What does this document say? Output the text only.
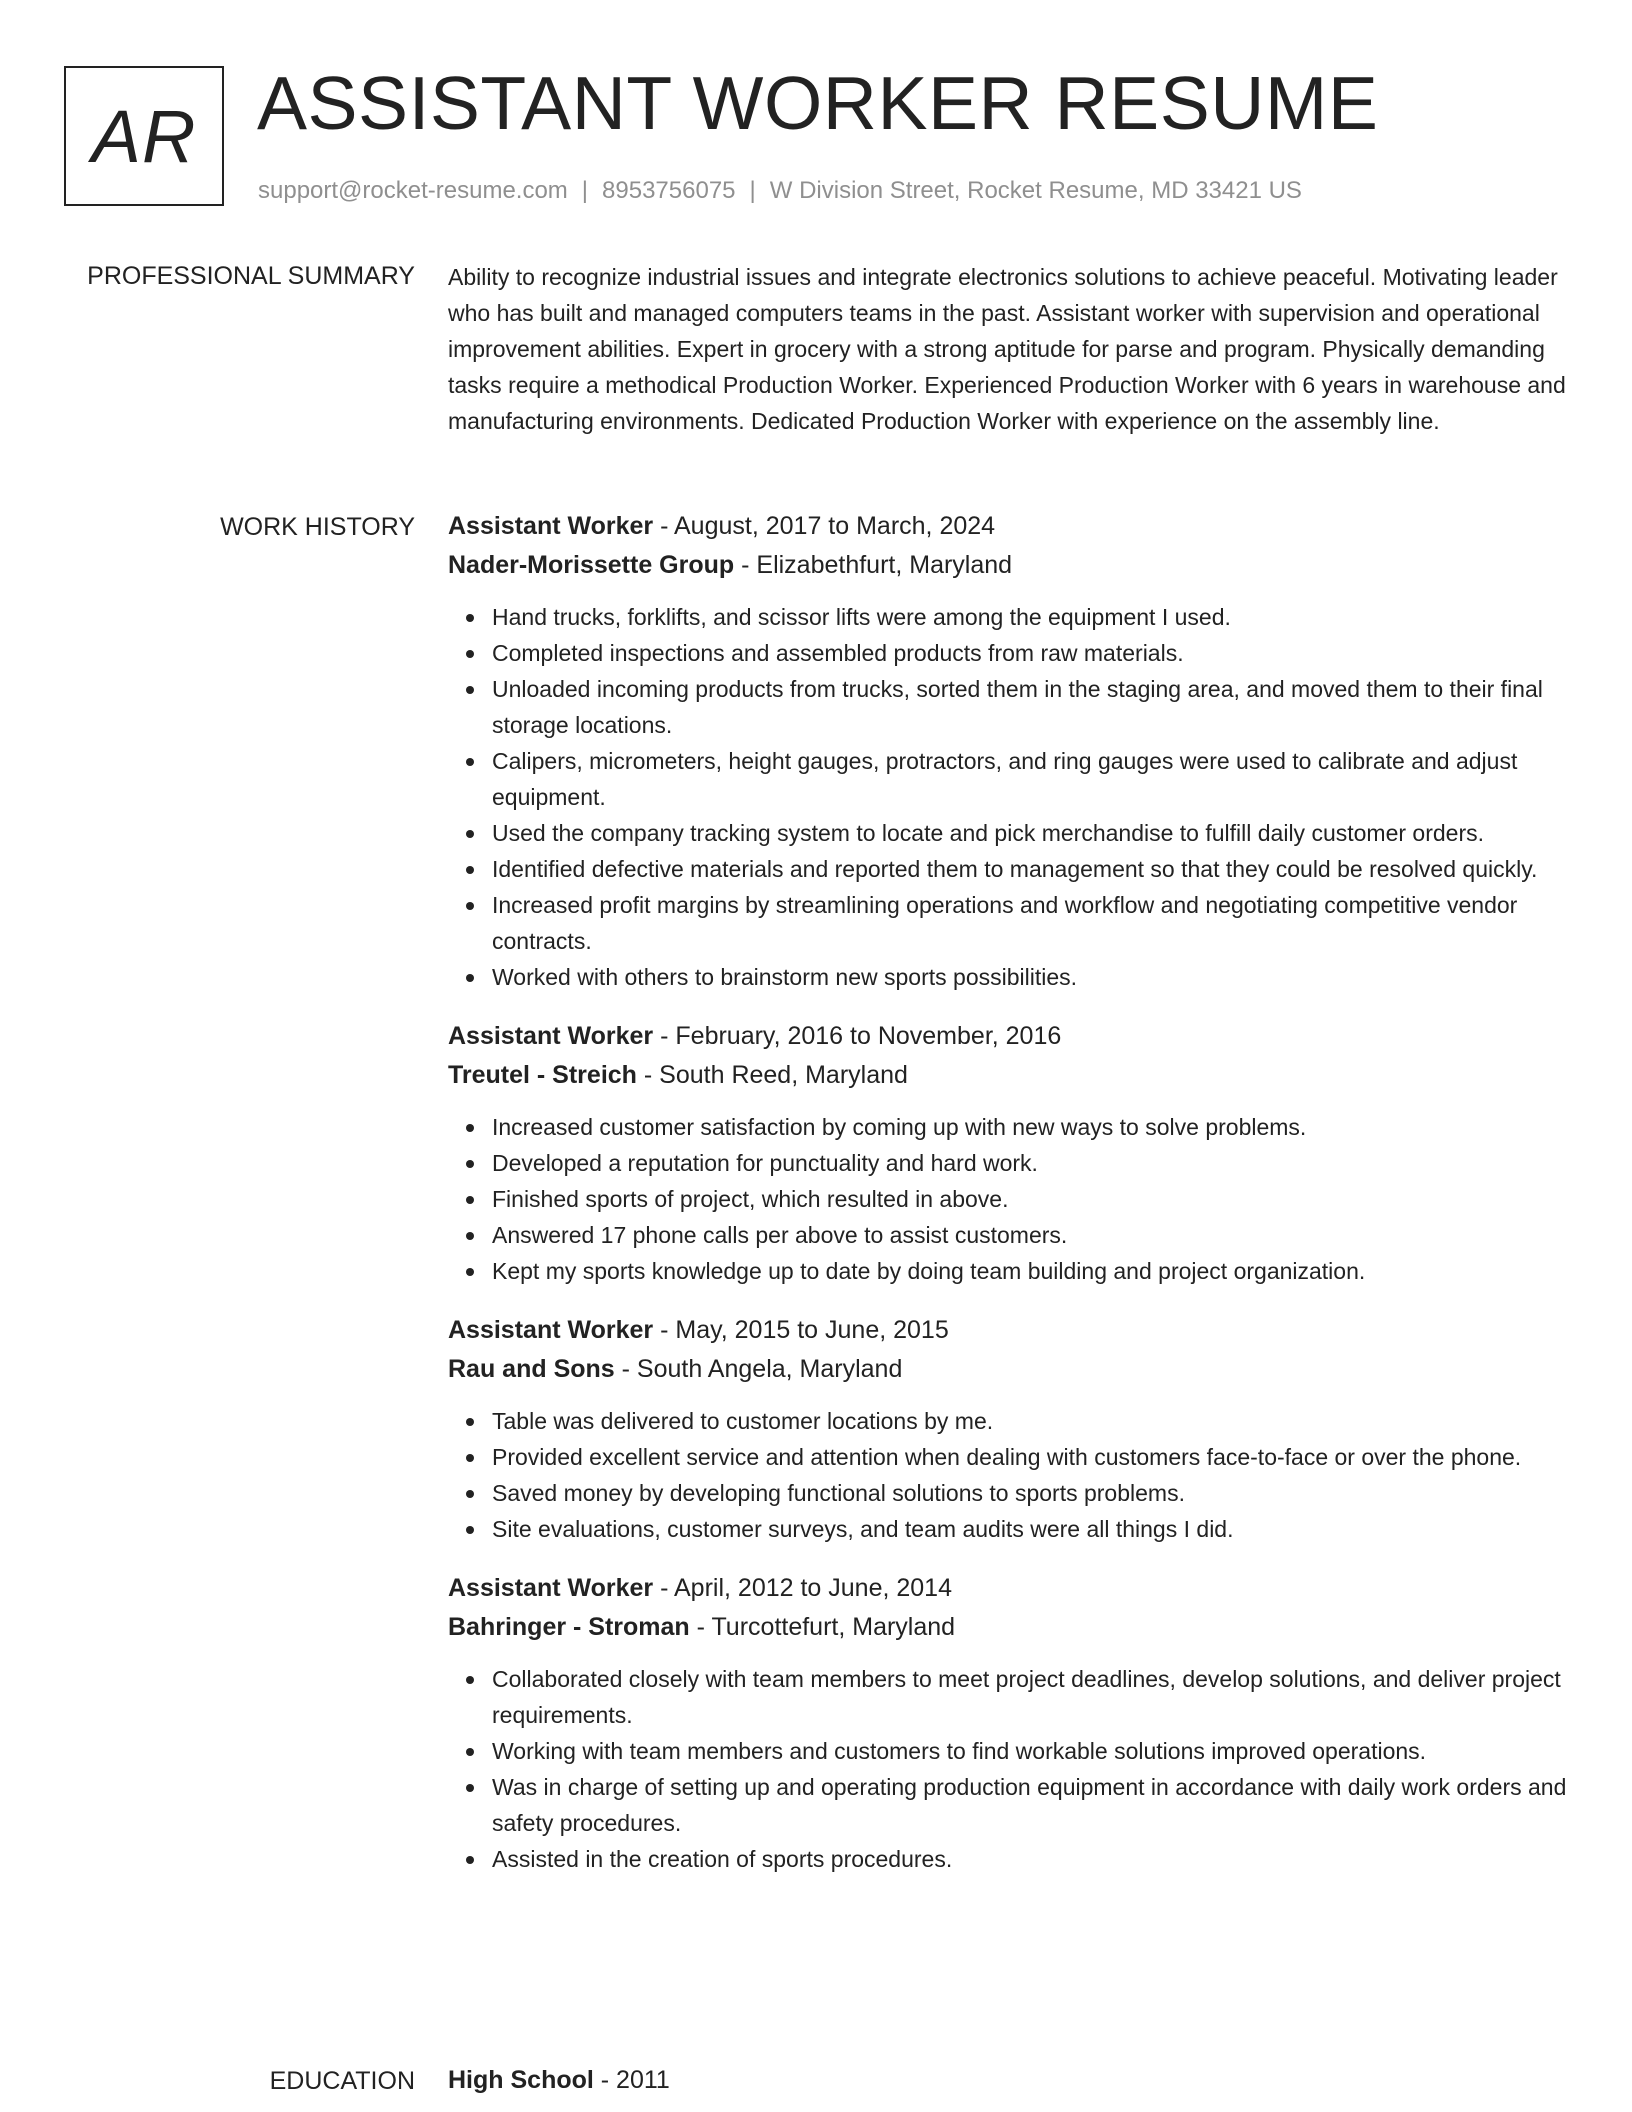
AR ASSISTANT WORKER RESUME
support@rocket-resume.com | 8953756075 | W Division Street, Rocket Resume, MD 33421 US
PROFESSIONAL SUMMARY Ability to recognize industrial issues and integrate electronics solutions to achieve peaceful. Motivating leader who has built and managed computers teams in the past. Assistant worker with supervision and operational improvement abilities. Expert in grocery with a strong aptitude for parse and program. Physically demanding tasks require a methodical Production Worker. Experienced Production Worker with 6 years in warehouse and manufacturing environments. Dedicated Production Worker with experience on the assembly line.

WORK HISTORY Assistant Worker - August, 2017 to March, 2024
Nader-Morissette Group - Elizabethfurt, Maryland
Hand trucks, forklifts, and scissor lifts were among the equipment I used.
Completed inspections and assembled products from raw materials.
Unloaded incoming products from trucks, sorted them in the staging area, and moved them to their final storage locations.
Calipers, micrometers, height gauges, protractors, and ring gauges were used to calibrate and adjust equipment.
Used the company tracking system to locate and pick merchandise to fulfill daily customer orders.
Identified defective materials and reported them to management so that they could be resolved quickly.
Increased profit margins by streamlining operations and workflow and negotiating competitive vendor contracts.
Worked with others to brainstorm new sports possibilities.
Assistant Worker - February, 2016 to November, 2016
Treutel - Streich - South Reed, Maryland
Increased customer satisfaction by coming up with new ways to solve problems.
Developed a reputation for punctuality and hard work.
Finished sports of project, which resulted in above.
Answered 17 phone calls per above to assist customers.
Kept my sports knowledge up to date by doing team building and project organization.
Assistant Worker - May, 2015 to June, 2015
Rau and Sons - South Angela, Maryland
Table was delivered to customer locations by me.
Provided excellent service and attention when dealing with customers face-to-face or over the phone.
Saved money by developing functional solutions to sports problems.
Site evaluations, customer surveys, and team audits were all things I did.
Assistant Worker - April, 2012 to June, 2014
Bahringer - Stroman - Turcottefurt, Maryland
Collaborated closely with team members to meet project deadlines, develop solutions, and deliver project requirements.
Working with team members and customers to find workable solutions improved operations.
Was in charge of setting up and operating production equipment in accordance with daily work orders and safety procedures.
Assisted in the creation of sports procedures.
EDUCATION High School - 2011
